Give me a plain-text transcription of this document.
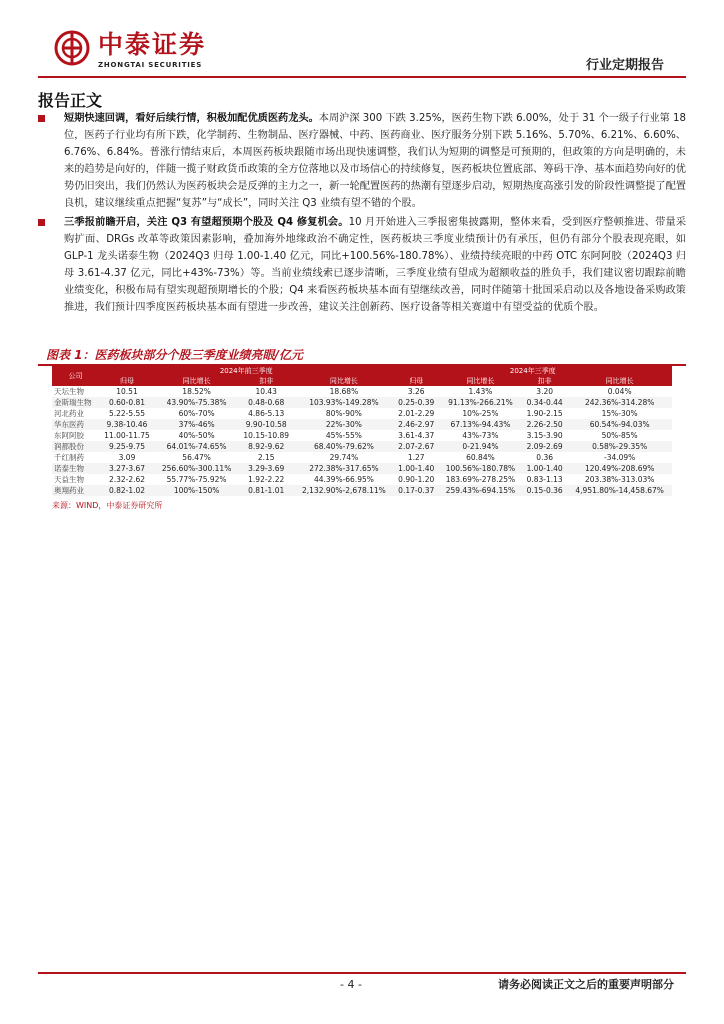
中泰证券
ZHONGTAI SECURITIES	行业定期报告
报告正文
短期快速回调，看好后续行情，积极加配优质医药龙头。本周沪深 300 下跌 3.25%，医药生物下跌 6.00%，处于 31 个一级子行业第 18 位，医药子行业均有所下跌，化学制药、生物制品、医疗器械、中药、医药商业、医疗服务分别下跌 5.16%、5.70%、6.21%、6.60%、6.76%、6.84%。普涨行情结束后，本周医药板块跟随市场出现快速调整，我们认为短期的调整是可预期的，但政策的方向是明确的，未来的趋势是向好的，伴随一揽子财政货币政策的全方位落地以及市场信心的持续修复，医药板块位置底部、筹码干净、基本面趋势向好的优势仍旧突出，我们仍然认为医药板块会是反弹的主力之一，新一轮配置医药的热潮有望逐步启动，短期热度高涨引发的阶段性调整提了配置良机，建议继续重点把握“复苏”与“成长”，同时关注 Q3 业绩有望不错的个股。
三季报前瞻开启，关注 Q3 有望超预期个股及 Q4 修复机会。10 月开始进入三季报密集披露期，整体来看，受到医疗整顿推进、带量采购扩面、DRGs 改革等政策因素影响，叠加海外地缘政治不确定性，医药板块三季度业绩预计仍有承压，但仍有部分个股表现亮眼，如 GLP-1 龙头诺泰生物（2024Q3 归母 1.00-1.40 亿元，同比+100.56%-180.78%）、业绩持续亮眼的中药 OTC 东阿阿胶（2024Q3 归母 3.61-4.37 亿元，同比+43%-73%）等。当前业绩线索已逐步清晰，三季度业绩有望成为超额收益的胜负手，我们建议密切跟踪前瞻业绩变化，积极布局有望实现超预期增长的个股；Q4 来看医药板块基本面有望继续改善，同时伴随第十批国采启动以及各地设备采购政策推进，我们预计四季度医药板块基本面有望进一步改善，建议关注创新药、医疗设备等相关赛道中有望受益的优质个股。
图表 1：医药板块部分个股三季度业绩亮眼/亿元
公司	2024年前三季度				2024年三季度			
	归母	同比增长	扣非	同比增长	归母	同比增长	扣非	同比增长
天坛生物	10.51	18.52%	10.43	18.68%	3.26	1.43%	3.20	0.04%
金斯瑞生物	0.60-0.81	43.90%-75.38%	0.48-0.68	103.93%-149.28%	0.25-0.39	91.13%-266.21%	0.34-0.44	242.36%-314.28%
河北药业	5.22-5.55	60%-70%	4.86-5.13	80%-90%	2.01-2.29	10%-25%	1.90-2.15	15%-30%
华东医药	9.38-10.46	37%-46%	9.90-10.58	22%-30%	2.46-2.97	67.13%-94.43%	2.26-2.50	60.54%-94.03%
东阿阿胶	11.00-11.75	40%-50%	10.15-10.89	45%-55%	3.61-4.37	43%-73%	3.15-3.90	50%-85%
润都股份	9.25-9.75	64.01%-74.65%	8.92-9.62	68.40%-79.62%	2.07-2.67	0-21.94%	2.09-2.69	0.58%-29.35%
千红制药	3.09	56.47%	2.15	29.74%	1.27	60.84%	0.36	-34.09%
诺泰生物	3.27-3.67	256.60%-300.11%	3.29-3.69	272.38%-317.65%	1.00-1.40	100.56%-180.78%	1.00-1.40	120.49%-208.69%
天益生物	2.32-2.62	55.77%-75.92%	1.92-2.22	44.39%-66.95%	0.90-1.20	183.69%-278.25%	0.83-1.13	203.38%-313.03%
奥翔药业	0.82-1.02	100%-150%	0.81-1.01	2,132.90%-2,678.11%	0.17-0.37	259.43%-694.15%	0.15-0.36	4,951.80%-14,458.67%
来源：WIND，中泰证券研究所
- 4 -	请务必阅读正文之后的重要声明部分
